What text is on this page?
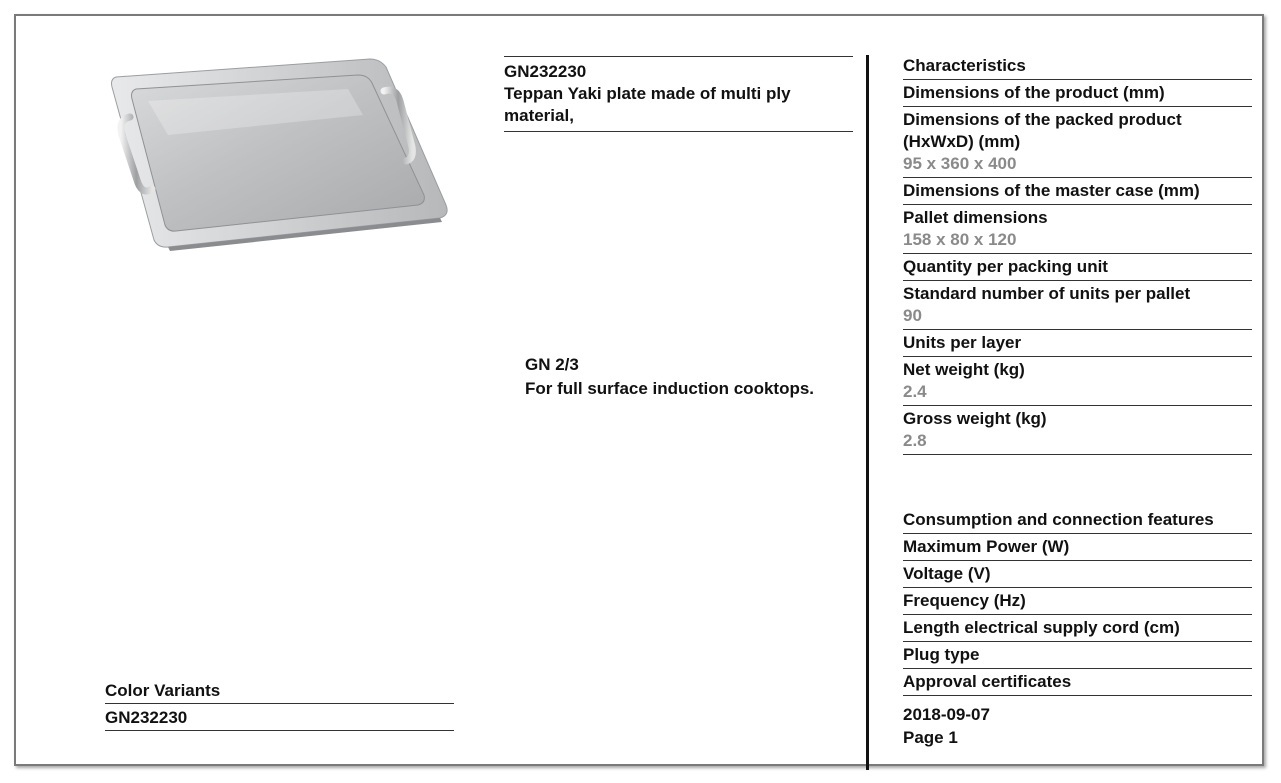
GN232230
Teppan Yaki plate made of multi ply material,
GN 2/3
For full surface induction cooktops.
Color Variants
GN232230
Characteristics
Dimensions of the product (mm)
Dimensions of the packed product (HxWxD) (mm)
95 x 360 x 400
Dimensions of the master case (mm)
Pallet dimensions
158 x 80 x 120
Quantity per packing unit
Standard number of units per pallet
90
Units per layer
Net weight (kg)
2.4
Gross weight (kg)
2.8
Consumption and connection features
Maximum Power (W)
Voltage (V)
Frequency (Hz)
Length electrical supply cord (cm)
Plug type
Approval certificates
2018-09-07
Page 1
